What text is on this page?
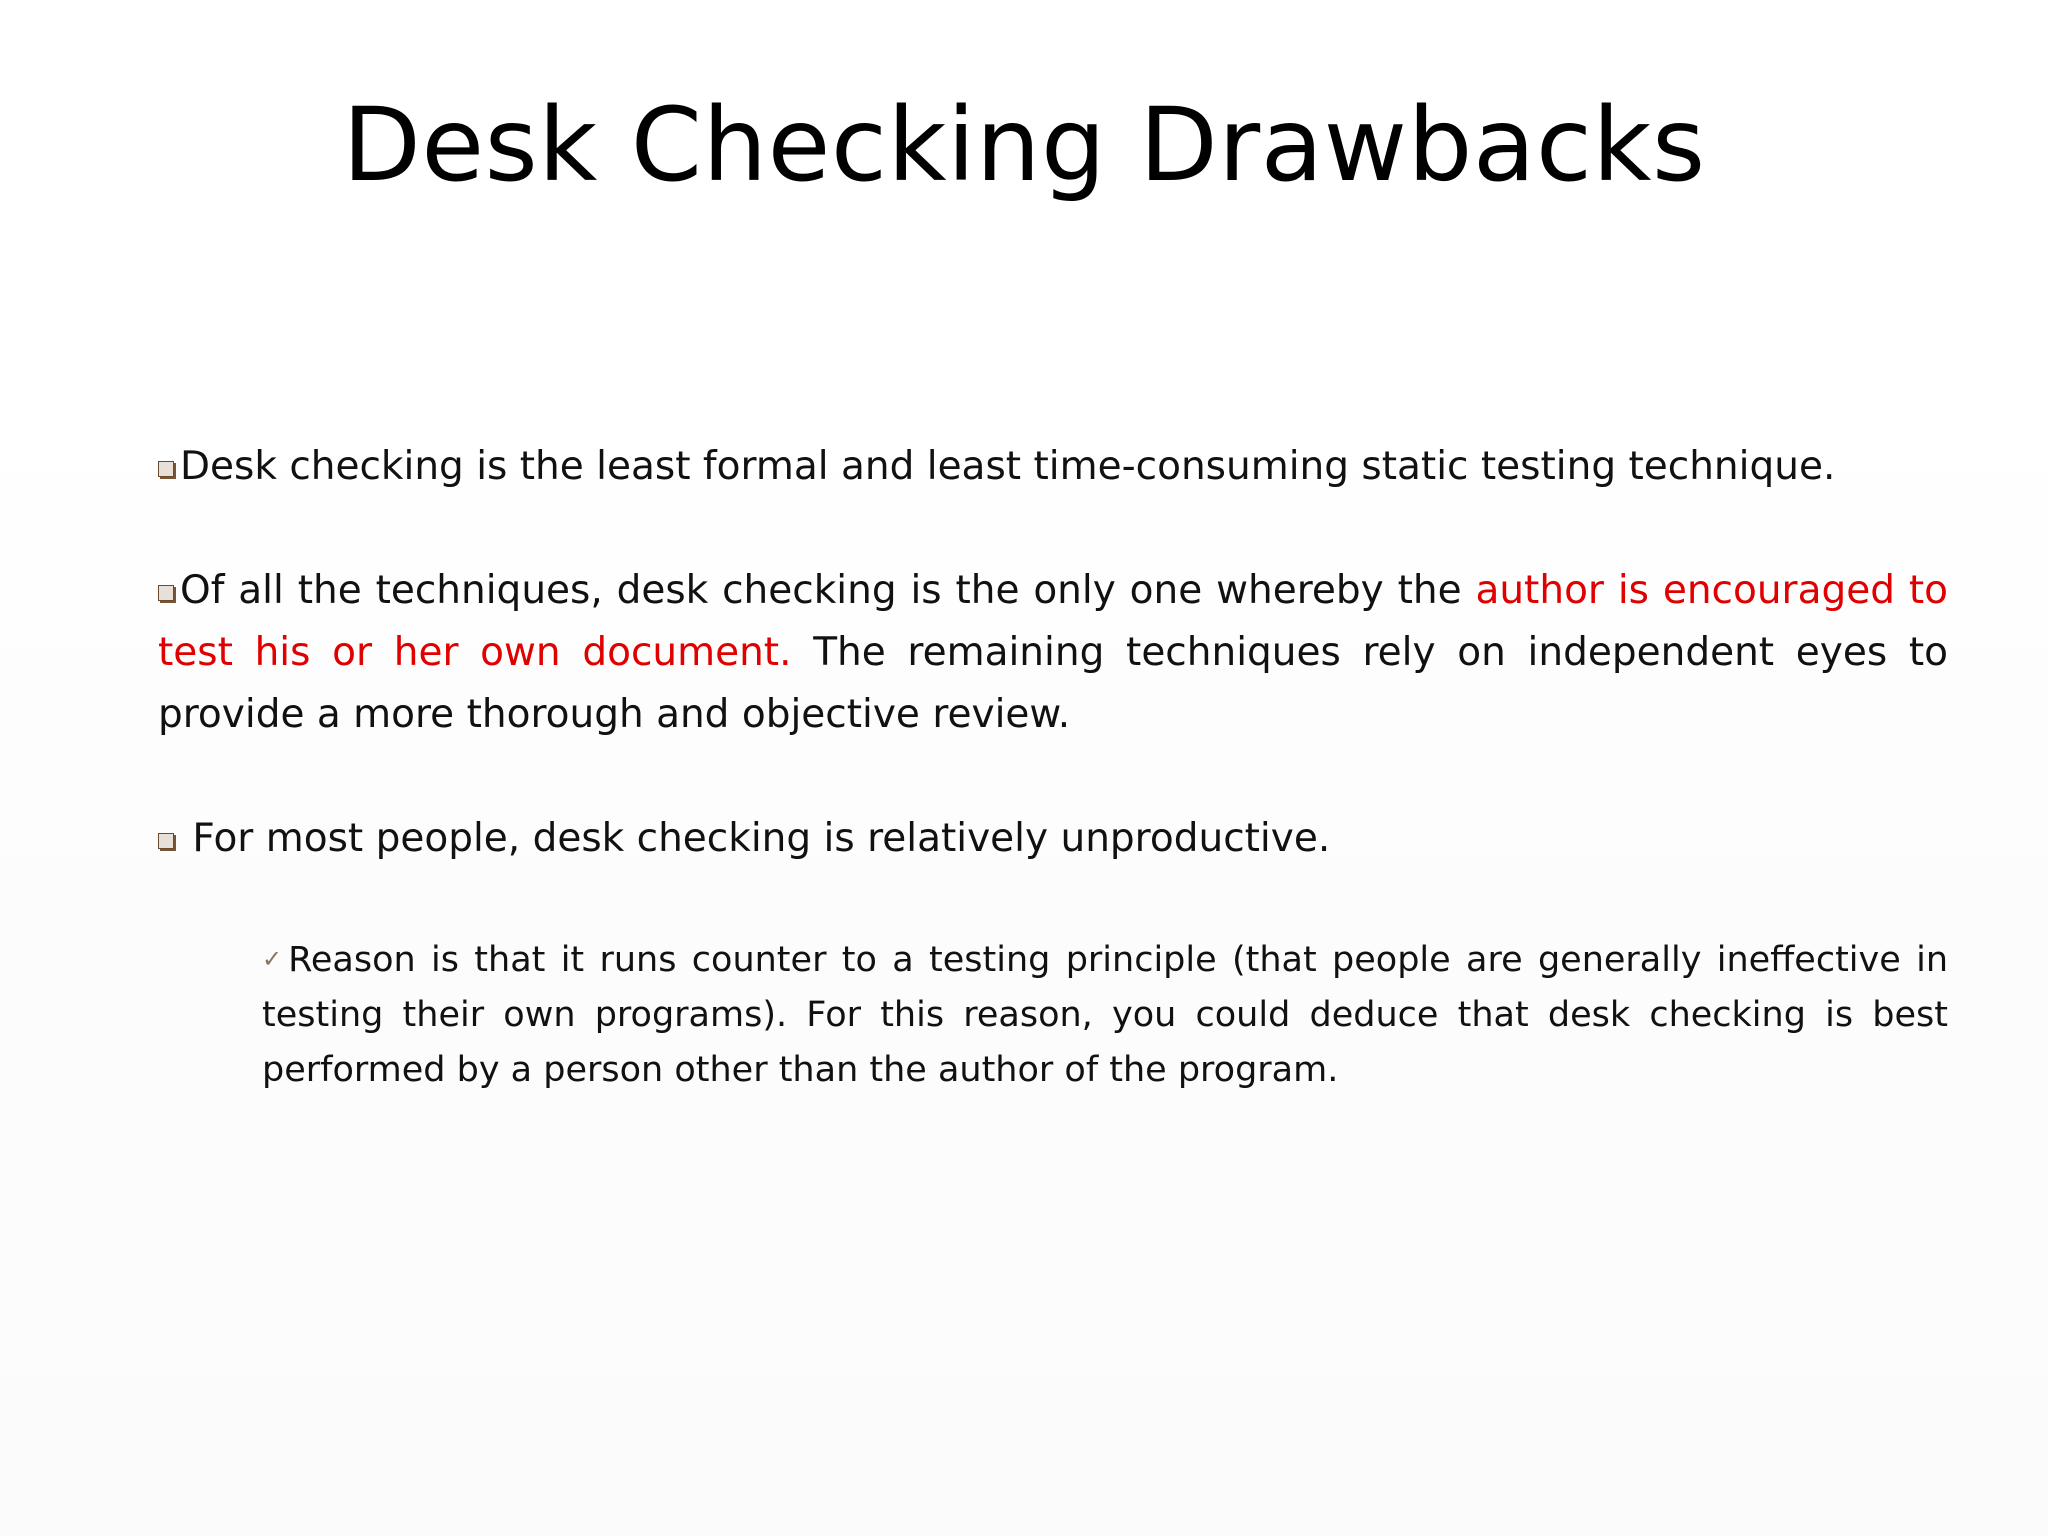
Desk Checking Drawbacks

Desk checking is the least formal and least time-consuming static testing technique.

Of all the techniques, desk checking is the only one whereby the author is encouraged to test his or her own document. The remaining techniques rely on independent eyes to provide a more thorough and objective review.

For most people, desk checking is relatively unproductive.

✓ Reason is that it runs counter to a testing principle (that people are generally ineffective in testing their own programs). For this reason, you could deduce that desk checking is best performed by a person other than the author of the program.
